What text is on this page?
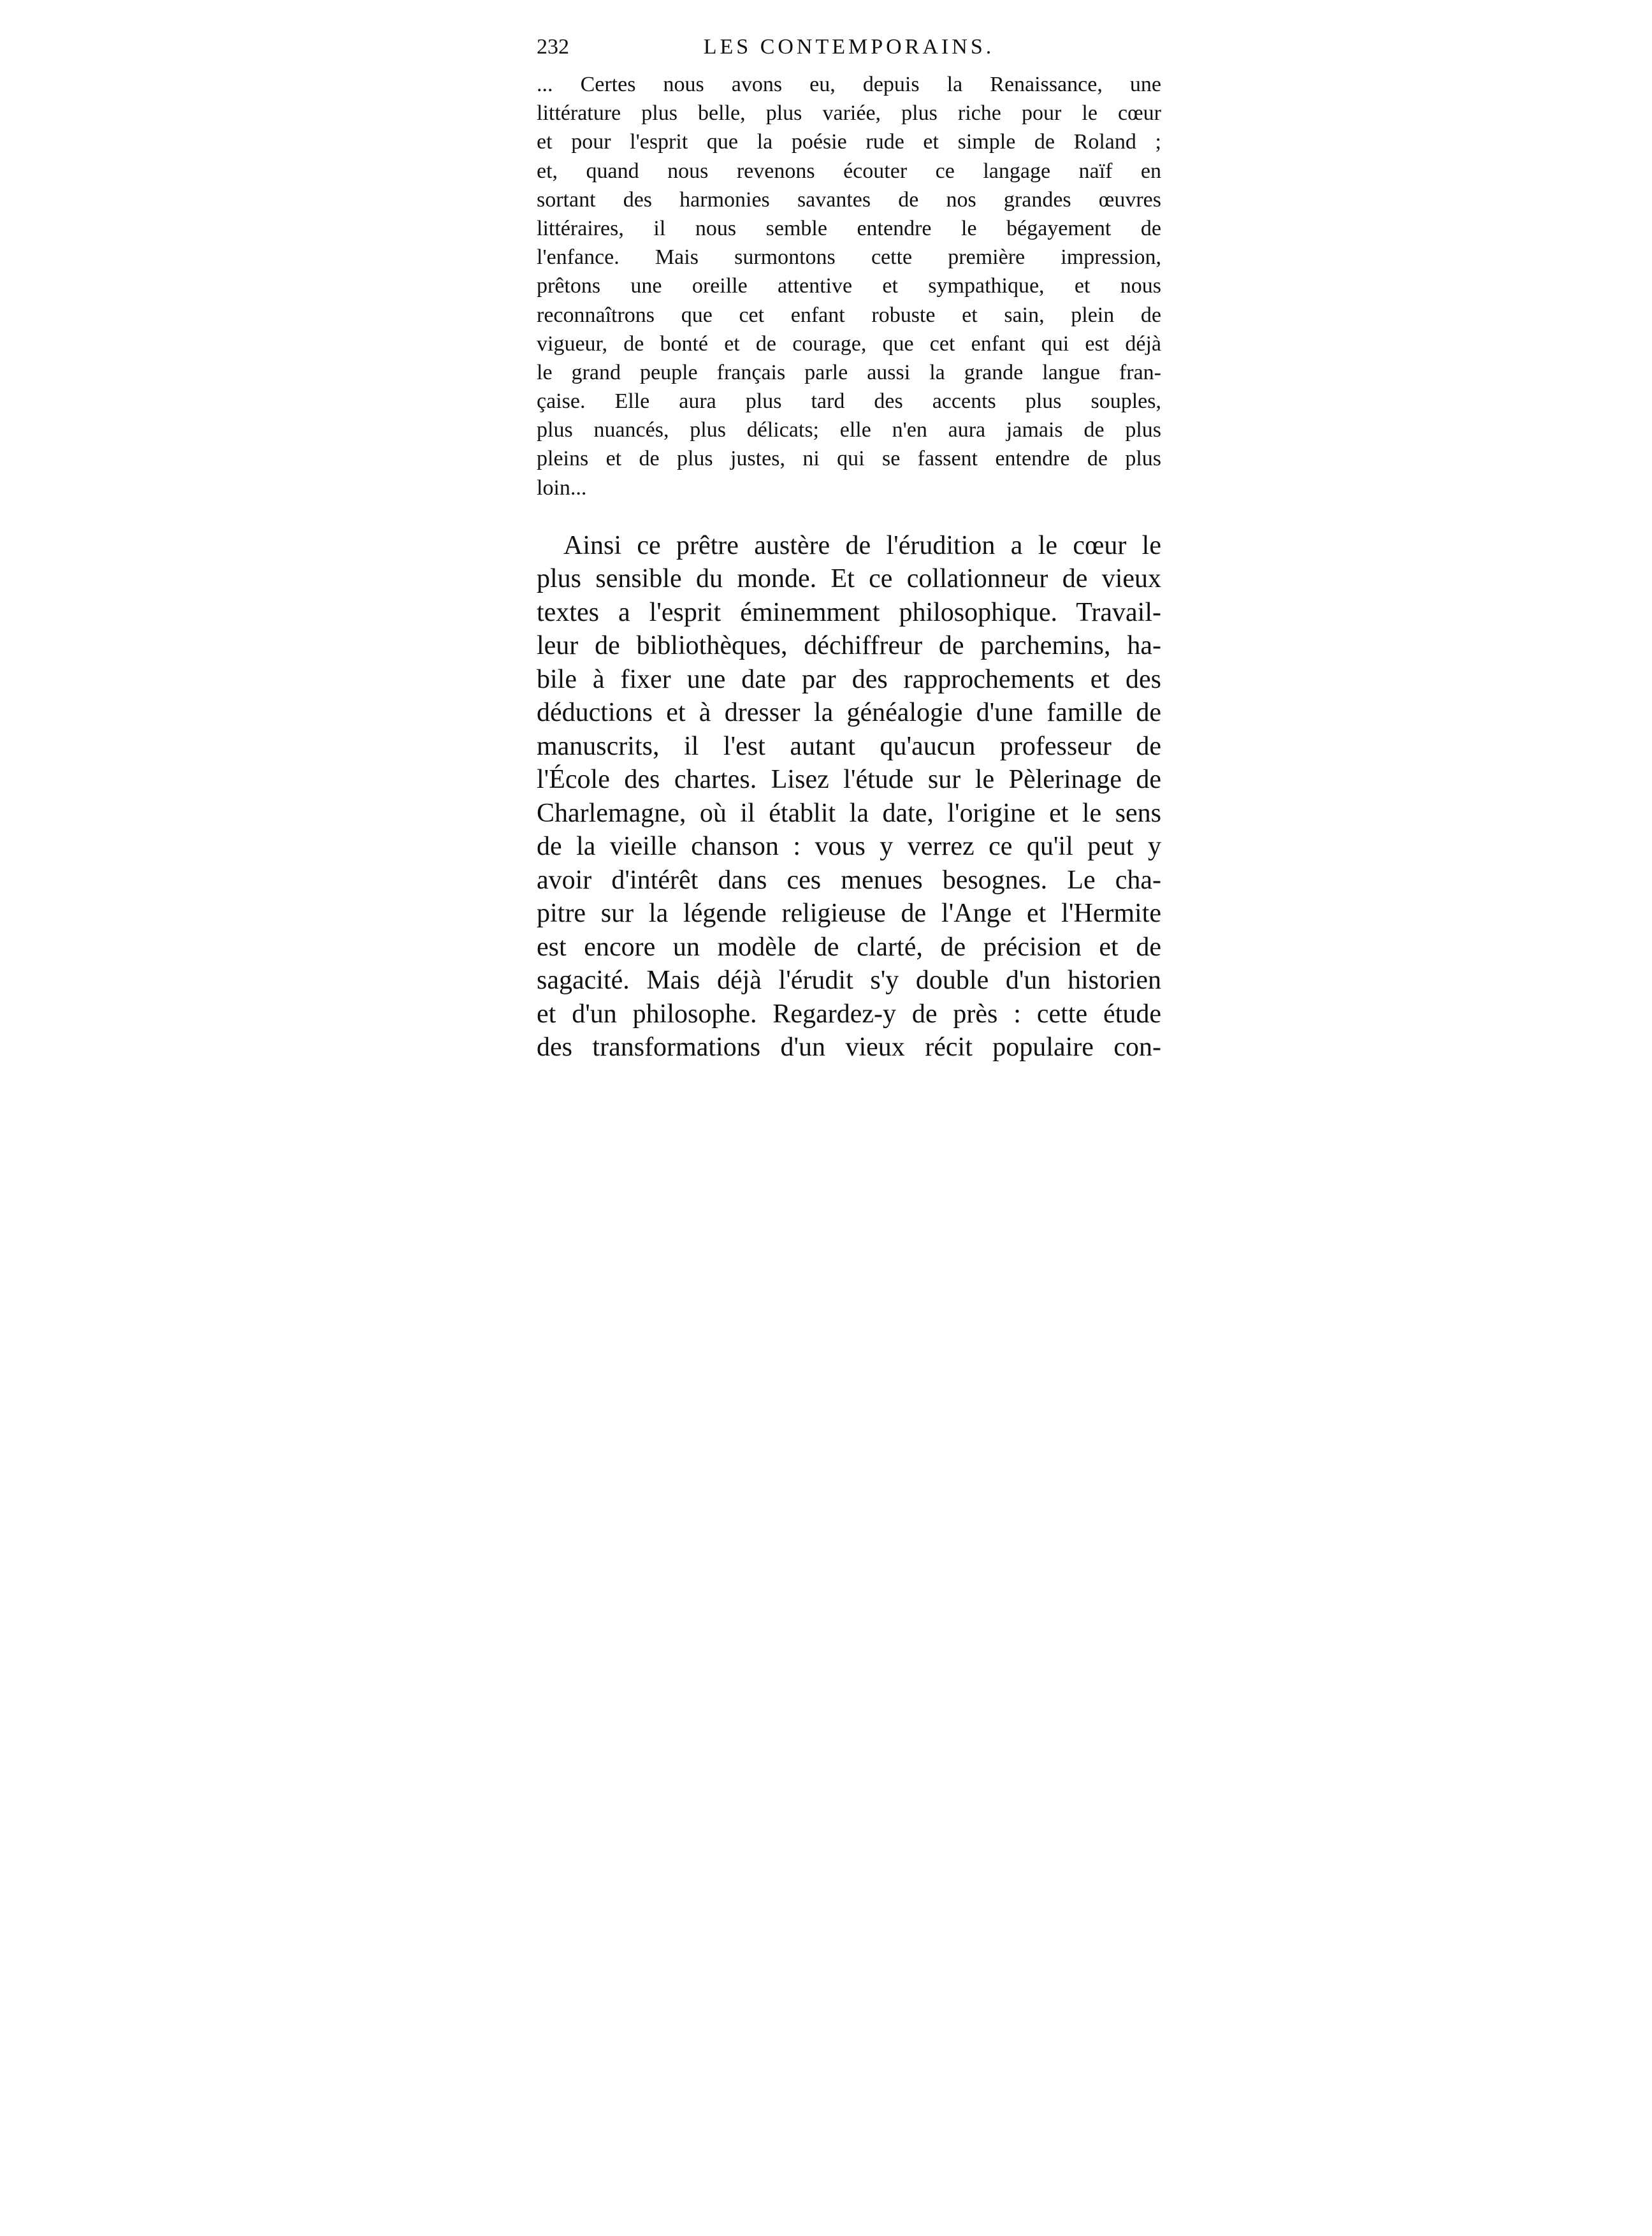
232	LES CONTEMPORAINS.
... Certes nous avons eu, depuis la Renaissance, une
littérature plus belle, plus variée, plus riche pour le cœur
et pour l'esprit que la poésie rude et simple de Roland ;
et, quand nous revenons écouter ce langage naïf en
sortant des harmonies savantes de nos grandes œuvres
littéraires, il nous semble entendre le bégayement de
l'enfance. Mais surmontons cette première impression,
prêtons une oreille attentive et sympathique, et nous
reconnaîtrons que cet enfant robuste et sain, plein de
vigueur, de bonté et de courage, que cet enfant qui est déjà
le grand peuple français parle aussi la grande langue fran-
çaise. Elle aura plus tard des accents plus souples,
plus nuancés, plus délicats; elle n'en aura jamais de plus
pleins et de plus justes, ni qui se fassent entendre de plus
loin...
Ainsi ce prêtre austère de l'érudition a le cœur le
plus sensible du monde. Et ce collationneur de vieux
textes a l'esprit éminemment philosophique. Travail-
leur de bibliothèques, déchiffreur de parchemins, ha-
bile à fixer une date par des rapprochements et des
déductions et à dresser la généalogie d'une famille de
manuscrits, il l'est autant qu'aucun professeur de
l'École des chartes. Lisez l'étude sur le Pèlerinage de
Charlemagne, où il établit la date, l'origine et le sens
de la vieille chanson : vous y verrez ce qu'il peut y
avoir d'intérêt dans ces menues besognes. Le cha-
pitre sur la légende religieuse de l'Ange et l'Hermite
est encore un modèle de clarté, de précision et de
sagacité. Mais déjà l'érudit s'y double d'un historien
et d'un philosophe. Regardez-y de près : cette étude
des transformations d'un vieux récit populaire con-
